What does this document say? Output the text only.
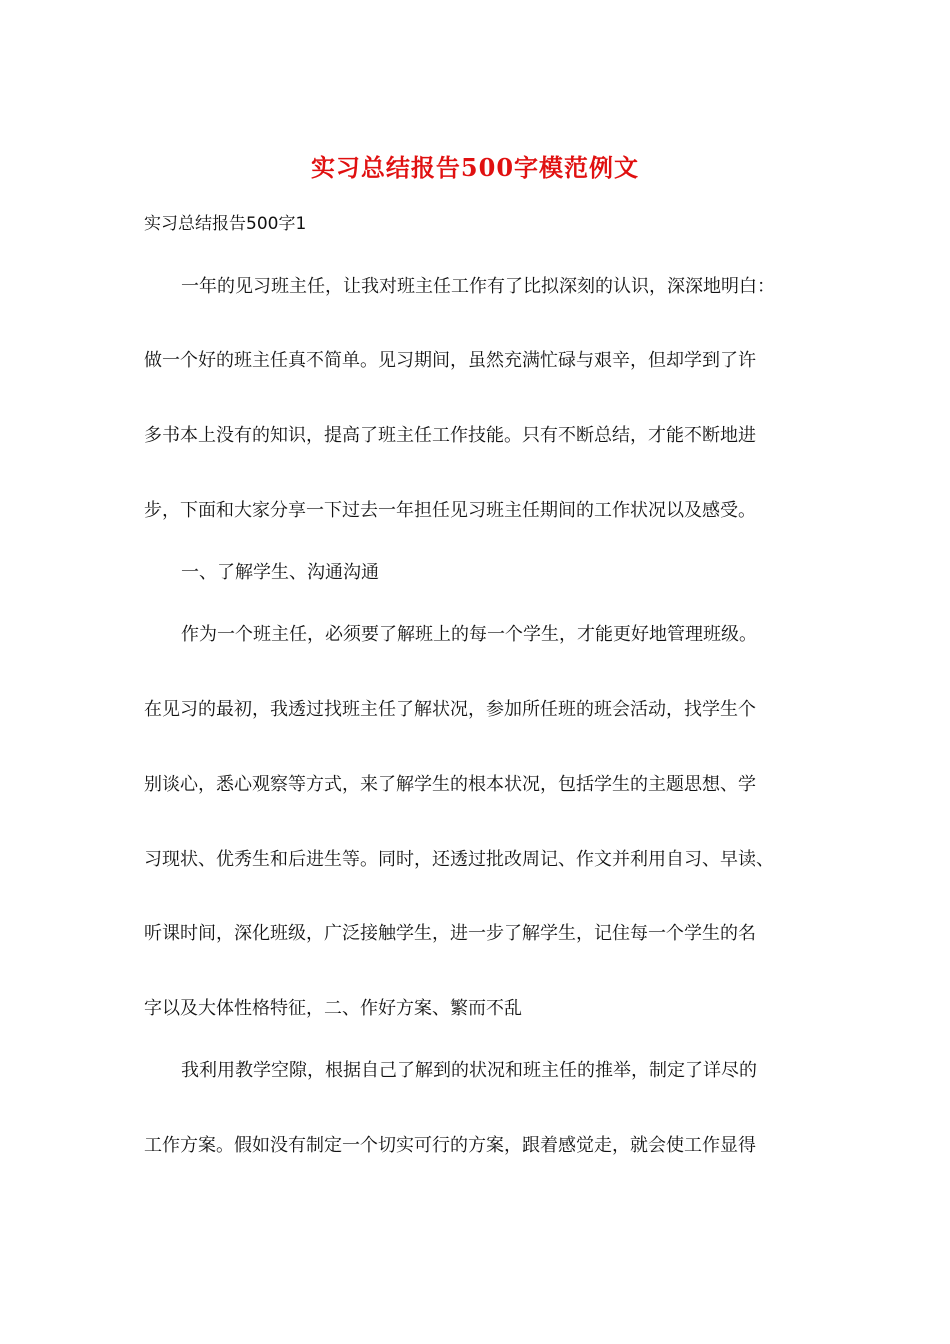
实习总结报告500字模范例文
实习总结报告500字1
一年的见习班主任，让我对班主任工作有了比拟深刻的认识，深深地明白：
做一个好的班主任真不简单。见习期间，虽然充满忙碌与艰辛，但却学到了许
多书本上没有的知识，提高了班主任工作技能。只有不断总结，才能不断地进
步，下面和大家分享一下过去一年担任见习班主任期间的工作状况以及感受。
一、了解学生、沟通沟通
作为一个班主任，必须要了解班上的每一个学生，才能更好地管理班级。
在见习的最初，我透过找班主任了解状况，参加所任班的班会活动，找学生个
别谈心，悉心观察等方式，来了解学生的根本状况，包括学生的主题思想、学
习现状、优秀生和后进生等。同时，还透过批改周记、作文并利用自习、早读、
听课时间，深化班级，广泛接触学生，进一步了解学生，记住每一个学生的名
字以及大体性格特征，二、作好方案、繁而不乱
我利用教学空隙，根据自己了解到的状况和班主任的推举，制定了详尽的
工作方案。假如没有制定一个切实可行的方案，跟着感觉走，就会使工作显得
